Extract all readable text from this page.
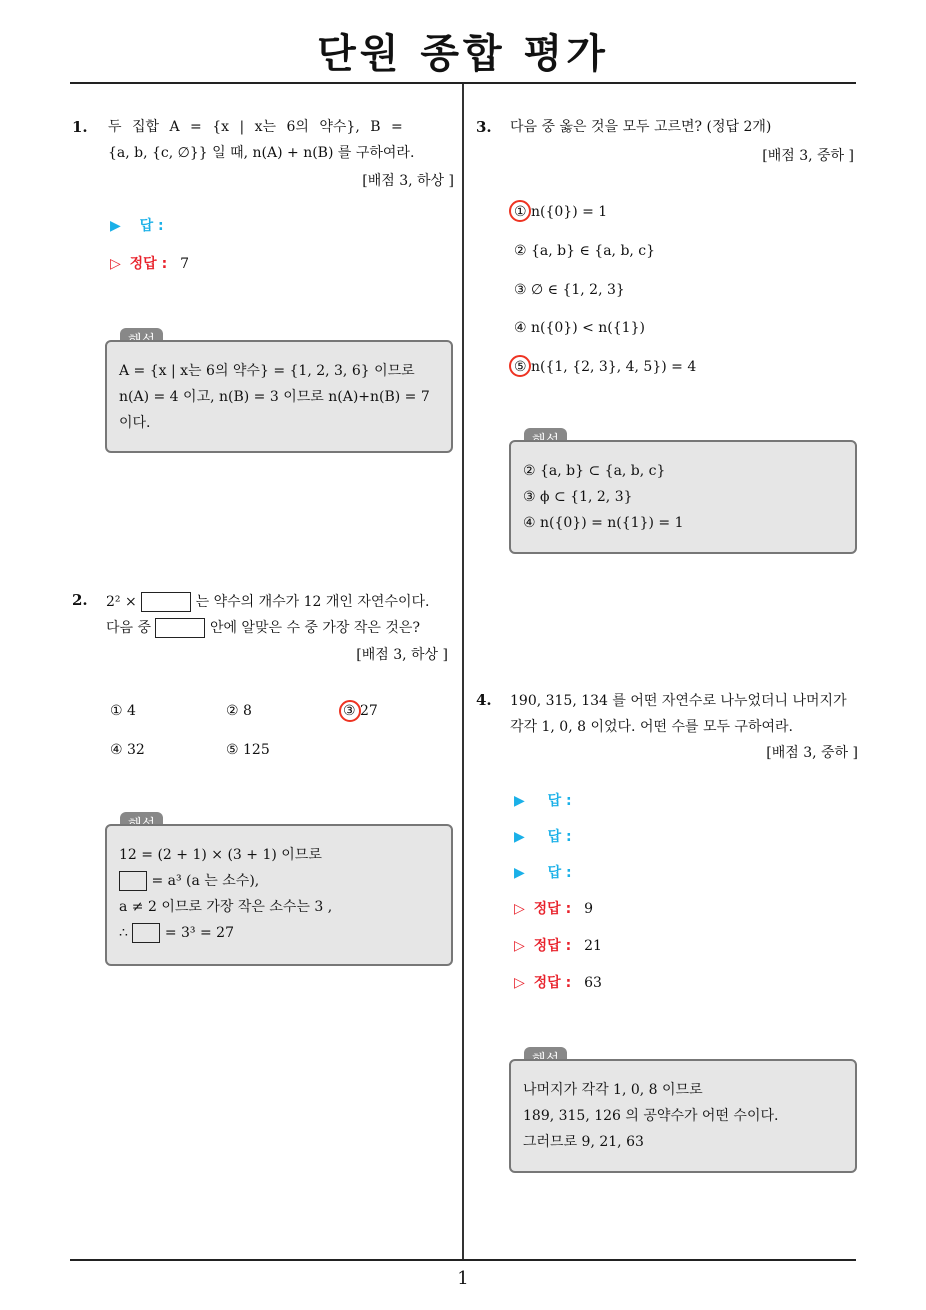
단원 종합 평가
1. 두 집합 A = {x | x는 6의 약수}, B =
{a, b, {c, ∅}} 일 때, n(A) + n(B) 를 구하여라.
[배점 3, 하상 ]
▶ 답 :
▷ 정답 : 7
A = {x | x는 6의 약수} = {1, 2, 3, 6} 이므로
n(A) = 4 이고, n(B) = 3 이므로 n(A)+n(B) = 7
이다.
2. 2² ×	는 약수의 개수가 12 개인 자연수이다.
다음 중	안에 알맞은 수 중 가장 작은 것은?
[배점 3, 하상 ]
① 4	② 8	③ 27
④ 32	⑤ 125
12 = (2 + 1) × (3 + 1) 이므로
= a³ (a 는 소수),
a ≠ 2 이므로 가장 작은 소수는 3 ,
∴	= 3³ = 27
3. 다음 중 옳은 것을 모두 고르면? (정답 2개)
[배점 3, 중하 ]
① n({0}) = 1
② {a, b} ∈ {a, b, c}
③ ∅ ∈ {1, 2, 3}
④ n({0}) < n({1})
⑤ n({1, {2, 3}, 4, 5}) = 4
② {a, b} ⊂ {a, b, c}
③ ϕ ⊂ {1, 2, 3}
④ n({0}) = n({1}) = 1
4. 190, 315, 134 를 어떤 자연수로 나누었더니 나머지가
각각 1, 0, 8 이었다. 어떤 수를 모두 구하여라.
[배점 3, 중하 ]
▶ 답 :
▶ 답 :
▶ 답 :
▷ 정답 : 9
▷ 정답 : 21
▷ 정답 : 63
나머지가 각각 1, 0, 8 이므로
189, 315, 126 의 공약수가 어떤 수이다.
그러므로 9, 21, 63
1
